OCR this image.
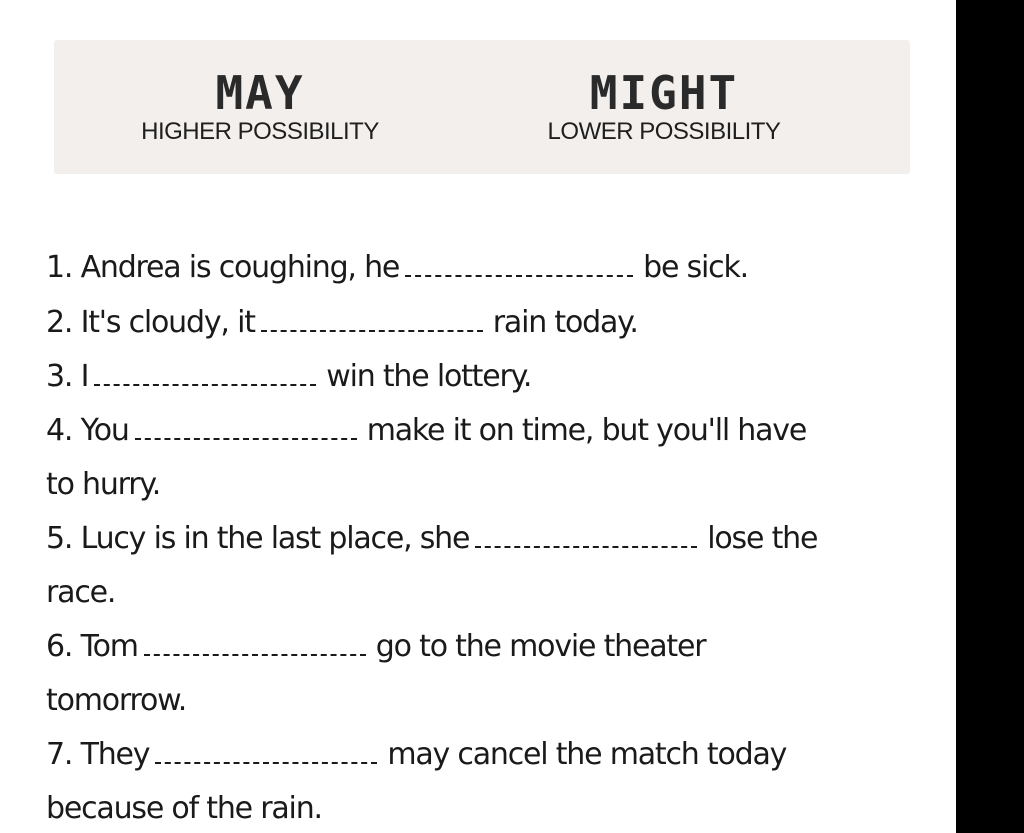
MAY
HIGHER POSSIBILITY
MIGHT
LOWER POSSIBILITY
1. Andrea is coughing, he	be sick.
2. It's cloudy, it	rain today.
3. I	win the lottery.
4. You	make it on time, but you'll have
to hurry.
5. Lucy is in the last place, she	lose the
race.
6. Tom	go to the movie theater
tomorrow.
7. They	may cancel the match today
because of the rain.
